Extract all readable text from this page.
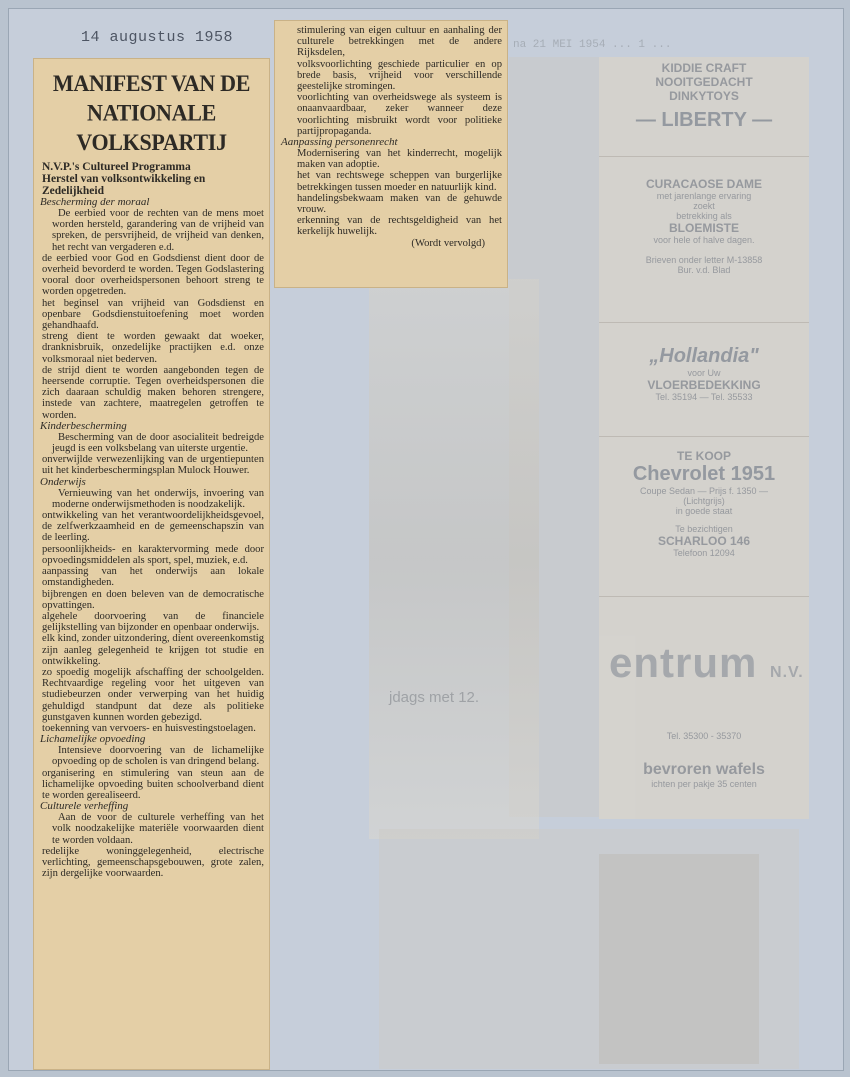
na 21 MEI 1954 ... 1 ...
jdags met 12.
KIDDIE CRAFT
NOOITGEDACHT
DINKYTOYS
— LIBERTY —
CURACAOSE DAME
met jarenlange ervaring
zoekt
betrekking als
BLOEMISTE
voor hele of halve dagen.
Brieven onder letter M-13858
Bur. v.d. Blad
„Hollandia"
voor Uw
VLOERBEDEKKING
Tel. 35194 — Tel. 35533
TE KOOP
Chevrolet 1951
Coupe Sedan — Prijs f. 1350 —
(Lichtgrijs)
in goede staat
Te bezichtigen
SCHARLOO 146
Telefoon 12094
Tel. 35300 - 35370
bevroren wafels
ichten per pakje 35 centen
entrum N.V.
14 augustus 1958
MANIFEST VAN DE
NATIONALE VOLKSPARTIJ
N.V.P.'s Cultureel Programma
Herstel van volksontwikkeling en
Zedelijkheid
Bescherming der moraal
De eerbied voor de rechten van de mens moet worden hersteld, garandering van de vrijheid van spreken, de persvrijheid, de vrijheid van denken, het recht van vergaderen e.d.
de eerbied voor God en Godsdienst dient door de overheid bevorderd te worden. Tegen Godslastering vooral door overheidspersonen behoort streng te worden opgetreden.
het beginsel van vrijheid van Godsdienst en openbare Godsdienstuitoefening moet worden gehandhaafd.
streng dient te worden gewaakt dat woeker, dranknisbruik, onzedelijke practijken e.d. onze volksmoraal niet bederven.
de strijd dient te worden aangebonden tegen de heersende corruptie. Tegen overheidspersonen die zich daaraan schuldig maken behoren strengere, instede van zachtere, maatregelen getroffen te worden.
Kinderbescherming
Bescherming van de door asocialiteit bedreigde jeugd is een volksbelang van uiterste urgentie.
onverwijlde verwezenlijking van de urgentiepunten uit het kinderbeschermingsplan Mulock Houwer.
Onderwijs
Vernieuwing van het onderwijs, invoering van moderne onderwijsmethoden is noodzakelijk.
ontwikkeling van het verantwoordelijkheidsgevoel, de zelfwerkzaamheid en de gemeenschapszin van de leerling.
persoonlijkheids- en karaktervorming mede door opvoedingsmiddelen als sport, spel, muziek, e.d.
aanpassing van het onderwijs aan lokale omstandigheden.
bijbrengen en doen beleven van de democratische opvattingen.
algehele doorvoering van de financiele gelijkstelling van bijzonder en openbaar onderwijs.
elk kind, zonder uitzondering, dient overeenkomstig zijn aanleg gelegenheid te krijgen tot studie en ontwikkeling.
zo spoedig mogelijk afschaffing der schoolgelden. Rechtvaardige regeling voor het uitgeven van studiebeurzen onder verwerping van het huidig gehuldigd standpunt dat deze als politieke gunstgaven kunnen worden gebezigd.
toekenning van vervoers- en huisvestingstoelagen.
Lichamelijke opvoeding
Intensieve doorvoering van de lichamelijke opvoeding op de scholen is van dringend belang.
organisering en stimulering van steun aan de lichamelijke opvoeding buiten schoolverband dient te worden gerealiseerd.
Culturele verheffing
Aan de voor de culturele verheffing van het volk noodzakelijke materiële voorwaarden dient te worden voldaan.
redelijke woninggelegenheid, electrische verlichting, gemeenschapsgebouwen, grote zalen, zijn dergelijke voorwaarden.
stimulering van eigen cultuur en aanhaling der culturele betrekkingen met de andere Rijksdelen,
volksvoorlichting geschiede particulier en op brede basis, vrijheid voor verschillende geestelijke stromingen.
voorlichting van overheidswege als systeem is onaanvaardbaar, zeker wanneer deze voorlichting misbruikt wordt voor politieke partijpropaganda.
Aanpassing personenrecht
Modernisering van het kinderrecht, mogelijk maken van adoptie.
het van rechtswege scheppen van burgerlijke betrekkingen tussen moeder en natuurlijk kind.
handelingsbekwaam maken van de gehuwde vrouw.
erkenning van de rechtsgeldigheid van het kerkelijk huwelijk.
(Wordt vervolgd)
